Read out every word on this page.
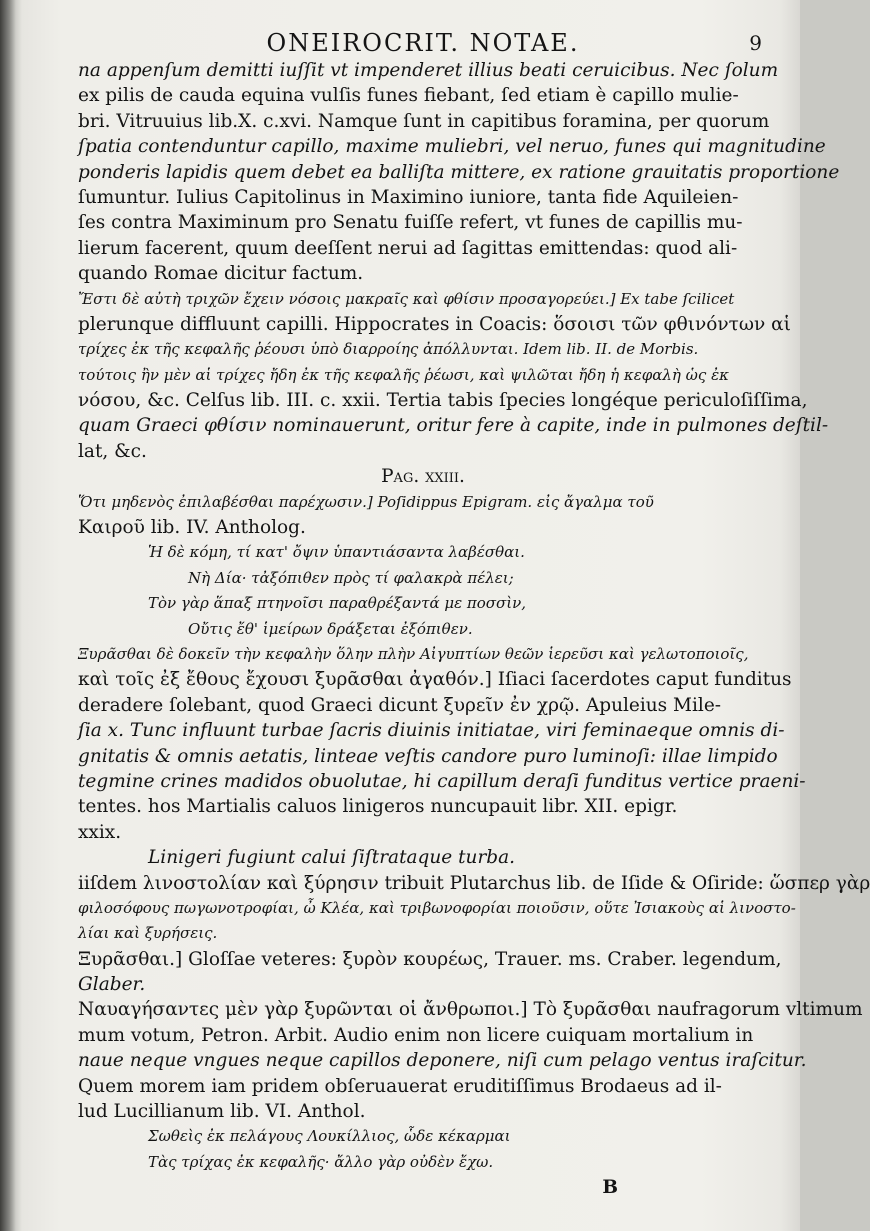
ΟΝΕΙROCRIT. NOTAE.	9
na appenſum demitti iuſſit vt impenderet illius beati ceruicibus. Nec ſolum
ex pilis de cauda equina vulſis funes fiebant, ſed etiam è capillo mulie-
bri. Vitruuius lib.X. c.xvi. Namque ſunt in capitibus foramina, per quorum
ſpatia contenduntur capillo, maxime muliebri, vel neruo, funes qui magnitudine
ponderis lapidis quem debet ea balliſta mittere, ex ratione grauitatis proportione
ſumuntur. Iulius Capitolinus in Maximino iuniore, tanta fide Aquileien-
ſes contra Maximinum pro Senatu fuiſſe refert, vt funes de capillis mu-
lierum facerent, quum deeſſent nerui ad ſagittas emittendas: quod ali-
quando Romae dicitur factum.
Ἔστι δὲ αὐτὴ τριχῶν ἔχειν νόσοις μακραῖς καὶ φθίσιν προσαγορεύει.] Ex tabe ſcilicet
plerunque diffluunt capilli. Hippocrates in Coacis: ὅσοισι τῶν φθινόντων αἱ
τρίχες ἐκ τῆς κεφαλῆς ῥέουσι ὑπὸ διαρροίης ἀπόλλυνται. Idem lib. II. de Morbis.
τούτοις ἢν μὲν αἱ τρίχες ἤδη ἐκ τῆς κεφαλῆς ῥέωσι, καὶ ψιλῶται ἤδη ἡ κεφαλὴ ὡς ἐκ
νόσου, &c. Celſus lib. III. c. xxii. Tertia tabis ſpecies longéque periculoſiſſima,
quam Graeci φθίσιν nominauerunt, oritur fere à capite, inde in pulmones deſtil-
lat, &c.
Pag. xxiii.
Ὅτι μηδενὸς ἐπιλαβέσθαι παρέχωσιν.] Poſidippus Epigram. εἰς ἄγαλμα τοῦ
Καιροῦ lib. IV. Antholog.
Ἡ δὲ κόμη, τί κατ' ὄψιν ὑπαντιάσαντα λαβέσθαι.
Νὴ Δία· τἀξόπιθεν πρὸς τί φαλακρὰ πέλει;
Τὸν γὰρ ἅπαξ πτηνοῖσι παραθρέξαντά με ποσσὶν,
Οὔτις ἔθ' ἱμείρων δράξεται ἐξόπιθεν.
Ξυρᾶσθαι δὲ δοκεῖν τὴν κεφαλὴν ὅλην πλὴν Αἰγυπτίων θεῶν ἱερεῦσι καὶ γελωτοποιοῖς,
καὶ τοῖς ἐξ ἔθους ἔχουσι ξυρᾶσθαι ἀγαθόν.] Iſiaci ſacerdotes caput funditus
deradere ſolebant, quod Graeci dicunt ξυρεῖν ἐν χρῷ. Apuleius Mile-
ſia x. Tunc influunt turbae ſacris diuinis initiatae, viri feminaeque omnis di-
gnitatis & omnis aetatis, linteae veſtis candore puro luminoſi: illae limpido
tegmine crines madidos obuolutae, hi capillum deraſi funditus vertice praeni-
tentes. hos Martialis caluos linigeros nuncupauit libr. XII. epigr.
xxix.
Linigeri fugiunt calui ſiſtrataque turba.
iiſdem λινοστολίαν καὶ ξύρησιν tribuit Plutarchus lib. de Iſide & Oſiride: ὥσπερ γὰρ
φιλοσόφους πωγωνοτροφίαι, ὦ Κλέα, καὶ τριβωνοφορίαι ποιοῦσιν, οὕτε Ἰσιακοὺς αἱ λινοστο-
λίαι καὶ ξυρήσεις.
Ξυρᾶσθαι.] Gloſſae veteres: ξυρὸν κουρέως, Trauer. ms. Craber. legendum,
Glaber.
Ναυαγήσαντες μὲν γὰρ ξυρῶνται οἱ ἄνθρωποι.] Τὸ ξυρᾶσθαι naufragorum vltimum
mum votum, Petron. Arbit. Audio enim non licere cuiquam mortalium in
naue neque vngues neque capillos deponere, niſi cum pelago ventus iraſcitur.
Quem morem iam pridem obſeruauerat eruditiſſimus Brodaeus ad il-
lud Lucillianum lib. VI. Anthol.
Σωθεὶς ἐκ πελάγους Λουκίλλιος, ὧδε κέκαρμαι
Τὰς τρίχας ἐκ κεφαλῆς· ἄλλο γὰρ οὐδὲν ἔχω.
B
